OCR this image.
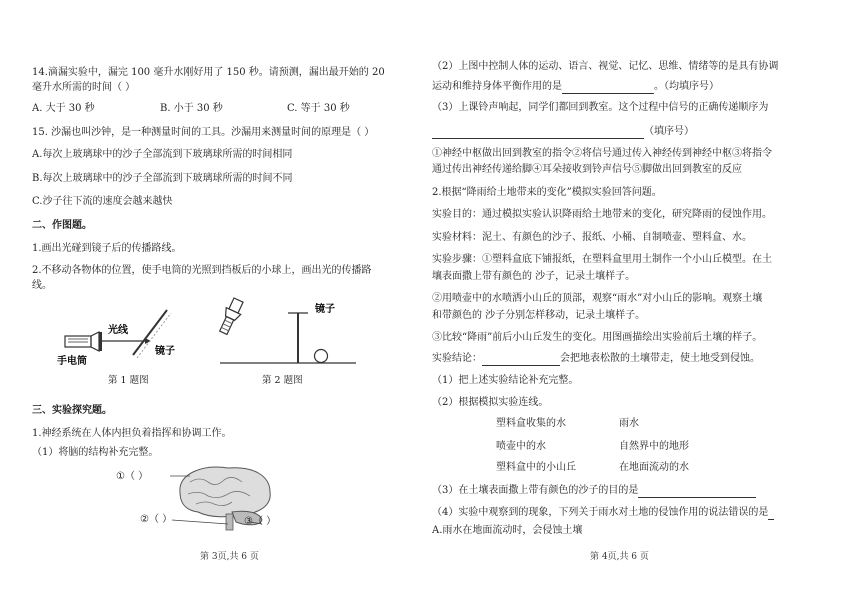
14.滴漏实验中，漏完 100 毫升水刚好用了 150 秒。请预测，漏出最开始的 20
毫升水所需的时间（ ）
A. 大于 30 秒	B. 小于 30 秒	C. 等于 30 秒
15. 沙漏也叫沙钟，是一种测量时间的工具。沙漏用来测量时间的原理是（ ）
A.每次上玻璃球中的沙子全部流到下玻璃球所需的时间相同
B.每次上玻璃球中的沙子全部流到下玻璃球所需的时间不同
C.沙子往下流的速度会越来越快
二、作图题。
1.画出光碰到镜子后的传播路线。
2.不移动各物体的位置，使手电筒的光照到挡板后的小球上，画出光的传播路
线。
光线
手电筒
镜子
第 1 题图
镜子
第 2 题图
三、实验探究题。
1.神经系统在人体内担负着指挥和协调工作。
（1）将脑的结构补充完整。
①（ ）
②（ ）	③（ ）
第 3页,共 6 页
（2）上图中控制人体的运动、语言、视觉、记忆、思维、情绪等的是具有协调
运动和维持身体平衡作用的是	。（均填序号）
（3）上课铃声响起，同学们都回到教室。这个过程中信号的正确传递顺序为
（填序号）
①神经中枢做出回到教室的指令②将信号通过传入神经传到神经中枢③将指令
通过传出神经传递给脚④耳朵接收到铃声信号⑤脚做出回到教室的反应
2.根据“降雨给土地带来的变化”模拟实验回答问题。
实验目的：通过模拟实验认识降雨给土地带来的变化，研究降雨的侵蚀作用。
实验材料：泥土、有颜色的沙子、报纸、小桶、自制喷壶、塑料盒、水。
实验步骤：①塑料盒底下铺报纸，在塑料盒里用土制作一个小山丘模型。在土
壤表面撒上带有颜色的 沙子，记录土壤样子。
②用喷壶中的水喷洒小山丘的顶部，观察“雨水”对小山丘的影响。观察土壤
和带颜色的 沙子分别怎样移动，记录土壤样子。
③比较“降雨”前后小山丘发生的变化。用图画描绘出实验前后土壤的样子。
实验结论：	会把地表松散的土壤带走，使土地受到侵蚀。
（1）把上述实验结论补充完整。
（2）根据模拟实验连线。
塑料盒收集的水
喷壶中的水
塑料盒中的小山丘
雨水
自然界中的地形
在地面流动的水
（3）在土壤表面撒上带有颜色的沙子的目的是
（4）实验中观察到的现象，下列关于雨水对土地的侵蚀作用的说法错误的是
A.雨水在地面流动时，会侵蚀土壤
第 4页,共 6 页
